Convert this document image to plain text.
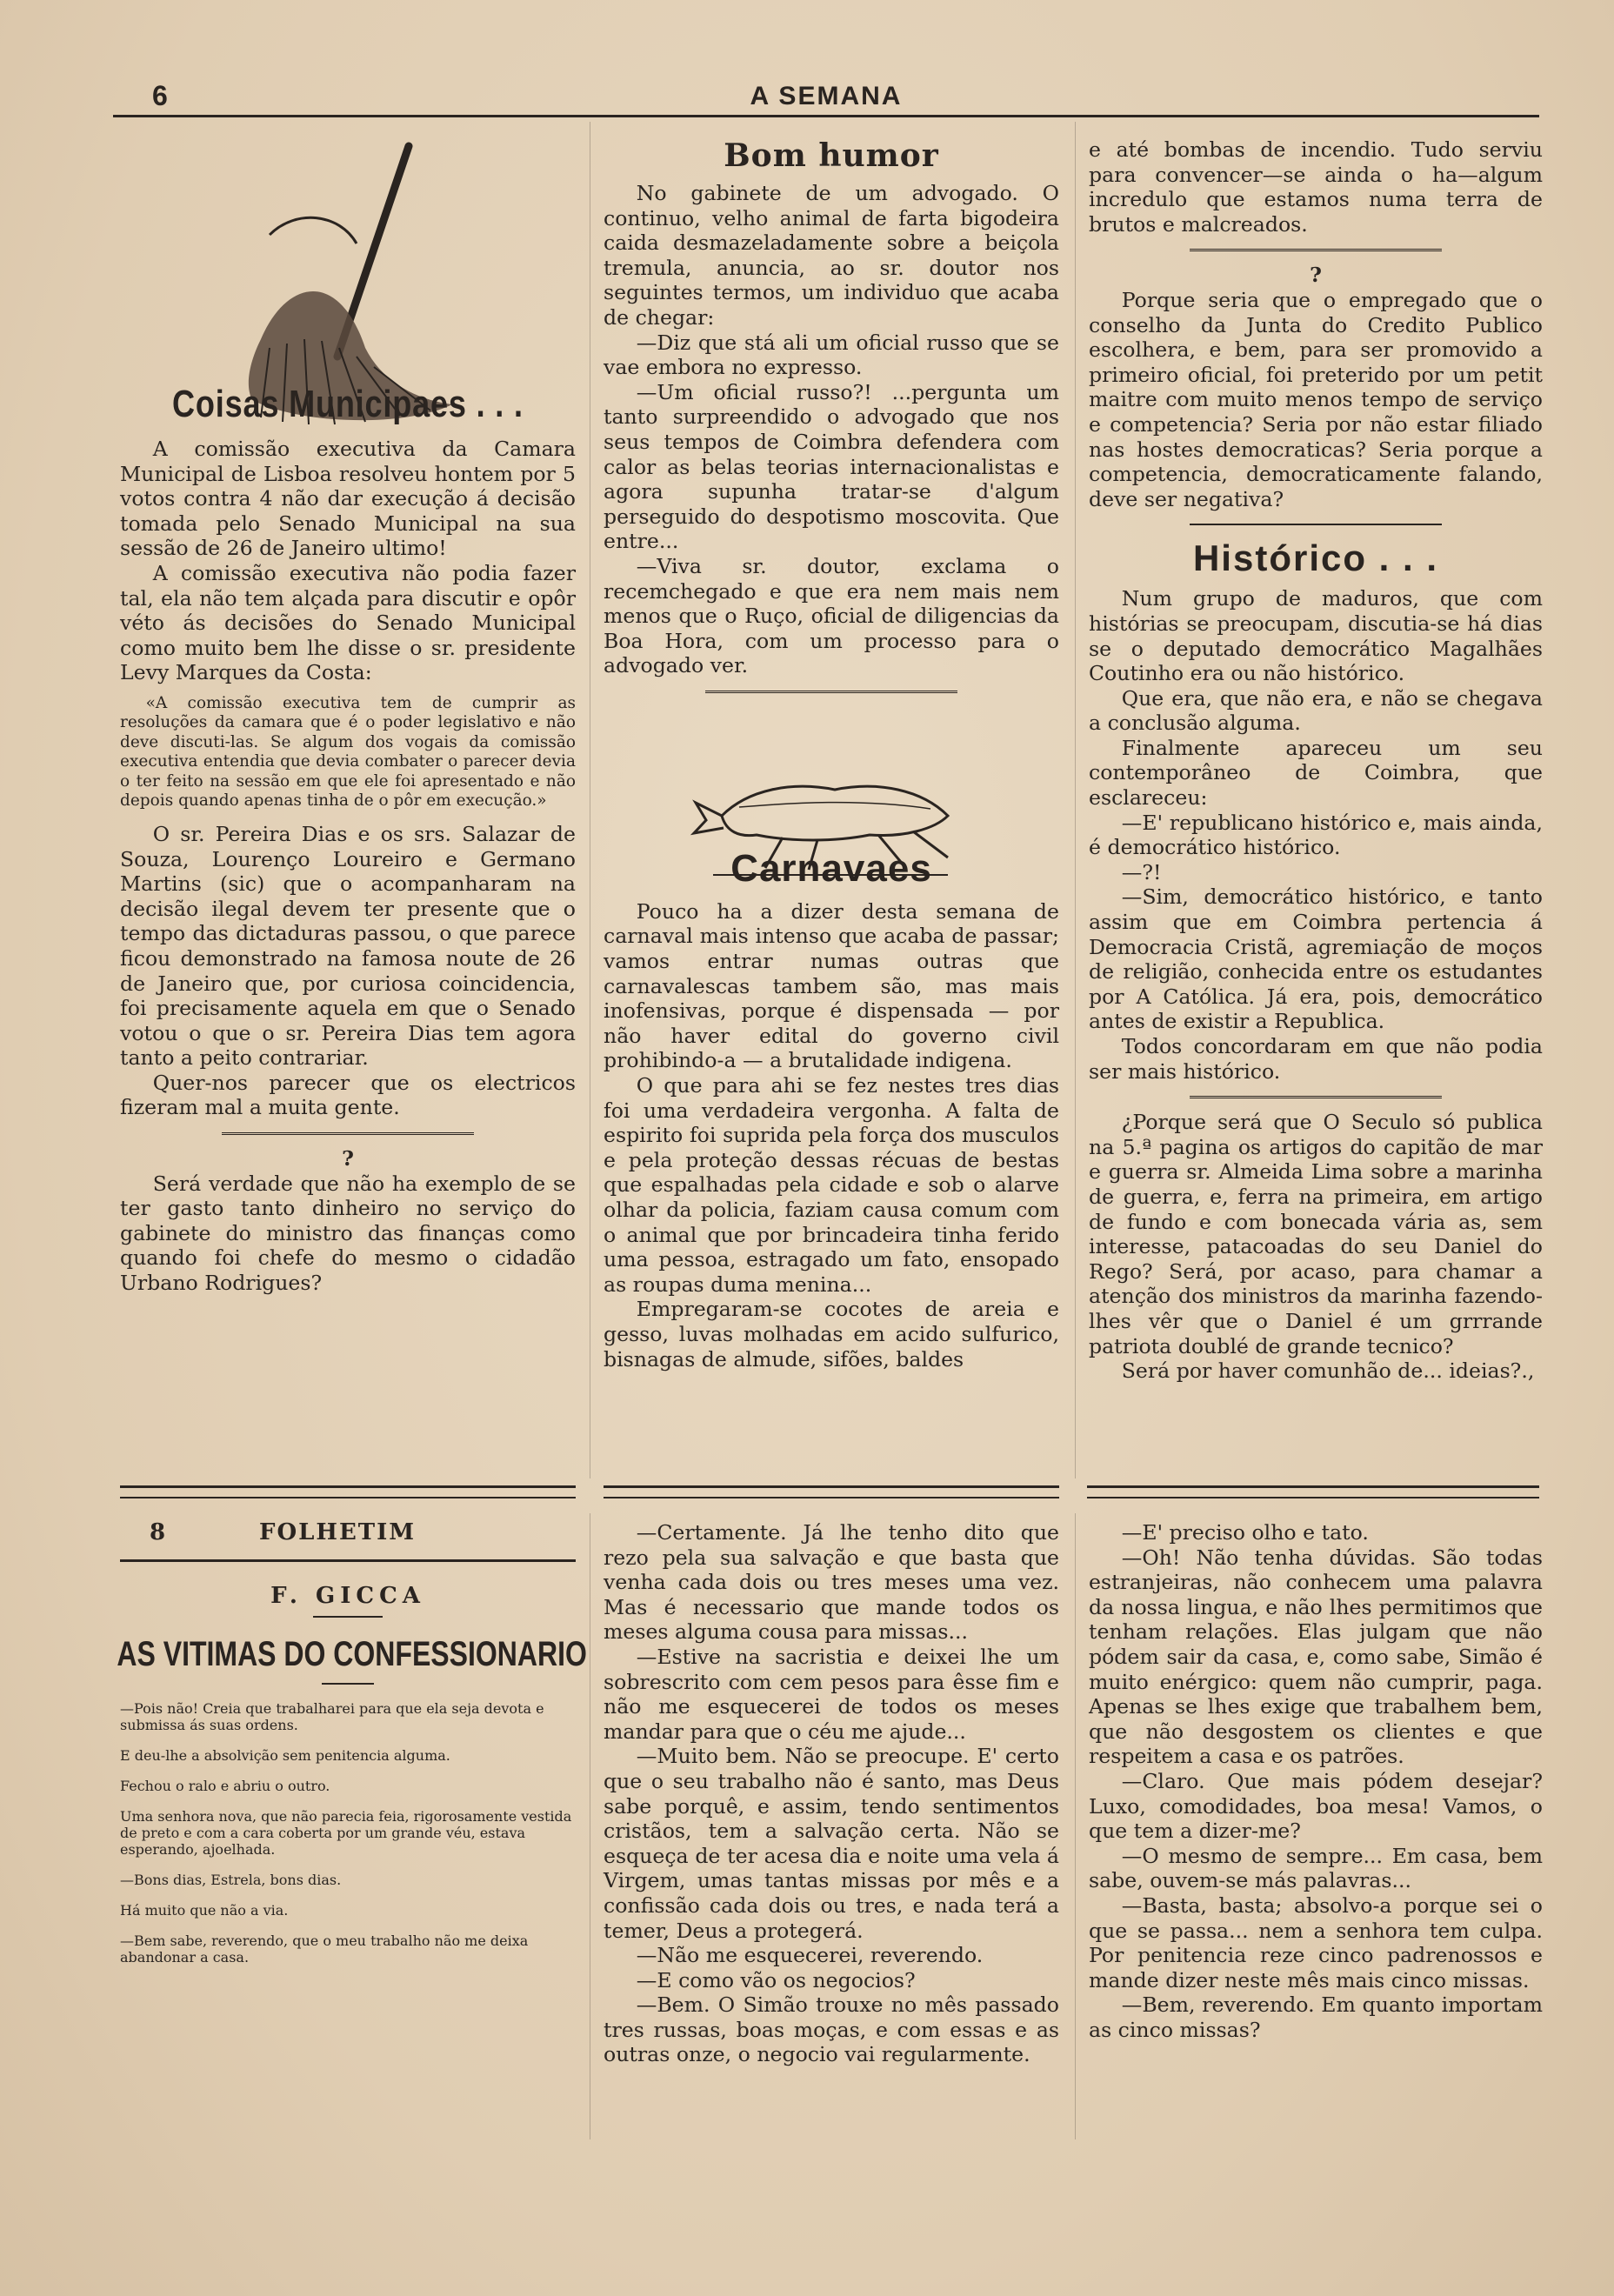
6	A SEMANA
Coisas Municipaes . . .

A comissão executiva da Camara Municipal de Lisboa resolveu hontem por 5 votos contra 4 não dar execução á decisão tomada pelo Senado Municipal na sua sessão de 26 de Janeiro ultimo!

A comissão executiva não podia fazer tal, ela não tem alçada para discutir e opôr véto ás decisões do Senado Municipal como muito bem lhe disse o sr. presidente Levy Marques da Costa:

«A comissão executiva tem de cumprir as resoluções da camara que é o poder legislativo e não deve discuti-las. Se algum dos vogais da comissão executiva entendia que devia combater o parecer devia o ter feito na sessão em que ele foi apresentado e não depois quando apenas tinha de o pôr em execução.»

O sr. Pereira Dias e os srs. Salazar de Souza, Lourenço Loureiro e Germano Martins (sic) que o acompanharam na decisão ilegal devem ter presente que o tempo das dictaduras passou, o que parece ficou demonstrado na famosa noute de 26 de Janeiro que, por curiosa coincidencia, foi precisamente aquela em que o Senado votou o que o sr. Pereira Dias tem agora tanto a peito contrariar.

Quer-nos parecer que os electricos fizeram mal a muita gente.

?

Será verdade que não ha exemplo de se ter gasto tanto dinheiro no serviço do gabinete do ministro das finanças como quando foi chefe do mesmo o cidadão Urbano Rodrigues?

Bom humor

No gabinete de um advogado. O continuo, velho animal de farta bigodeira caida desmazeladamente sobre a beiçola tremula, anuncia, ao sr. doutor nos seguintes termos, um individuo que acaba de chegar:

—Diz que stá ali um oficial russo que se vae embora no expresso.

—Um oficial russo?! ...pergunta um tanto surpreendido o advogado que nos seus tempos de Coimbra defendera com calor as belas teorias internacionalistas e agora supunha tratar-se d'algum perseguido do despotismo moscovita. Que entre...

—Viva sr. doutor, exclama o recemchegado e que era nem mais nem menos que o Ruço, oficial de diligencias da Boa Hora, com um processo para o advogado ver.

Carnavaes

Pouco ha a dizer desta semana de carnaval mais intenso que acaba de passar; vamos entrar numas outras que carnavalescas tambem são, mas mais inofensivas, porque é dispensada — por não haver edital do governo civil prohibindo-a — a brutalidade indigena.

O que para ahi se fez nestes tres dias foi uma verdadeira vergonha. A falta de espirito foi suprida pela força dos musculos e pela proteção dessas récuas de bestas que espalhadas pela cidade e sob o alarve olhar da policia, faziam causa comum com o animal que por brincadeira tinha ferido uma pessoa, estragado um fato, ensopado as roupas duma menina...

Empregaram-se cocotes de areia e gesso, luvas molhadas em acido sulfurico, bisnagas de almude, sifões, baldes

e até bombas de incendio. Tudo serviu para convencer—se ainda o ha—algum incredulo que estamos numa terra de brutos e malcreados.

?

Porque seria que o empregado que o conselho da Junta do Credito Publico escolhera, e bem, para ser promovido a primeiro oficial, foi preterido por um petit maitre com muito menos tempo de serviço e competencia? Seria por não estar filiado nas hostes democraticas? Seria porque a competencia, democraticamente falando, deve ser negativa?

Histórico . . .

Num grupo de maduros, que com histórias se preocupam, discutia-se há dias se o deputado democrático Magalhães Coutinho era ou não histórico.

Que era, que não era, e não se chegava a conclusão alguma.

Finalmente apareceu um seu contemporâneo de Coimbra, que esclareceu:

—E' republicano histórico e, mais ainda, é democrático histórico.

—?!

—Sim, democrático histórico, e tanto assim que em Coimbra pertencia á Democracia Cristã, agremiação de moços de religião, conhecida entre os estudantes por A Católica. Já era, pois, democrático antes de existir a Republica.

Todos concordaram em que não podia ser mais histórico.

¿Porque será que O Seculo só publica na 5.ª pagina os artigos do capitão de mar e guerra sr. Almeida Lima sobre a marinha de guerra, e, ferra na primeira, em artigo de fundo e com bonecada vária as, sem interesse, patacoadas do seu Daniel do Rego? Será, por acaso, para chamar a atenção dos ministros da marinha fazendo-lhes vêr que o Daniel é um grrrande patriota doublé de grande tecnico?

Será por haver comunhão de... ideias?.,

8	FOLHETIM
F. GICCA
AS VITIMAS DO CONFESSIONARIO

—Pois não! Creia que trabalharei para que ela seja devota e submissa ás suas ordens.

E deu-lhe a absolvição sem penitencia alguma.

Fechou o ralo e abriu o outro.

Uma senhora nova, que não parecia feia, rigorosamente vestida de preto e com a cara coberta por um grande véu, estava esperando, ajoelhada.

—Bons dias, Estrela, bons dias.

Há muito que não a via.

—Bem sabe, reverendo, que o meu trabalho não me deixa abandonar a casa.

—Certamente. Já lhe tenho dito que rezo pela sua salvação e que basta que venha cada dois ou tres meses uma vez. Mas é necessario que mande todos os meses alguma cousa para missas...

—Estive na sacristia e deixei lhe um sobrescrito com cem pesos para êsse fim e não me esquecerei de todos os meses mandar para que o céu me ajude...

—Muito bem. Não se preocupe. E' certo que o seu trabalho não é santo, mas Deus sabe porquê, e assim, tendo sentimentos cristãos, tem a salvação certa. Não se esqueça de ter acesa dia e noite uma vela á Virgem, umas tantas missas por mês e a confissão cada dois ou tres, e nada terá a temer, Deus a protegerá.

—Não me esquecerei, reverendo.

—E como vão os negocios?

—Bem. O Simão trouxe no mês passado tres russas, boas moças, e com essas e as outras onze, o negocio vai regularmente.

—E' preciso olho e tato.

—Oh! Não tenha dúvidas. São todas estranjeiras, não conhecem uma palavra da nossa lingua, e não lhes permitimos que tenham relações. Elas julgam que não pódem sair da casa, e, como sabe, Simão é muito enérgico: quem não cumprir, paga. Apenas se lhes exige que trabalhem bem, que não desgostem os clientes e que respeitem a casa e os patrões.

—Claro. Que mais pódem desejar? Luxo, comodidades, boa mesa! Vamos, o que tem a dizer-me?

—O mesmo de sempre... Em casa, bem sabe, ouvem-se más palavras...

—Basta, basta; absolvo-a porque sei o que se passa... nem a senhora tem culpa. Por penitencia reze cinco padrenossos e mande dizer neste mês mais cinco missas.

—Bem, reverendo. Em quanto importam as cinco missas?
